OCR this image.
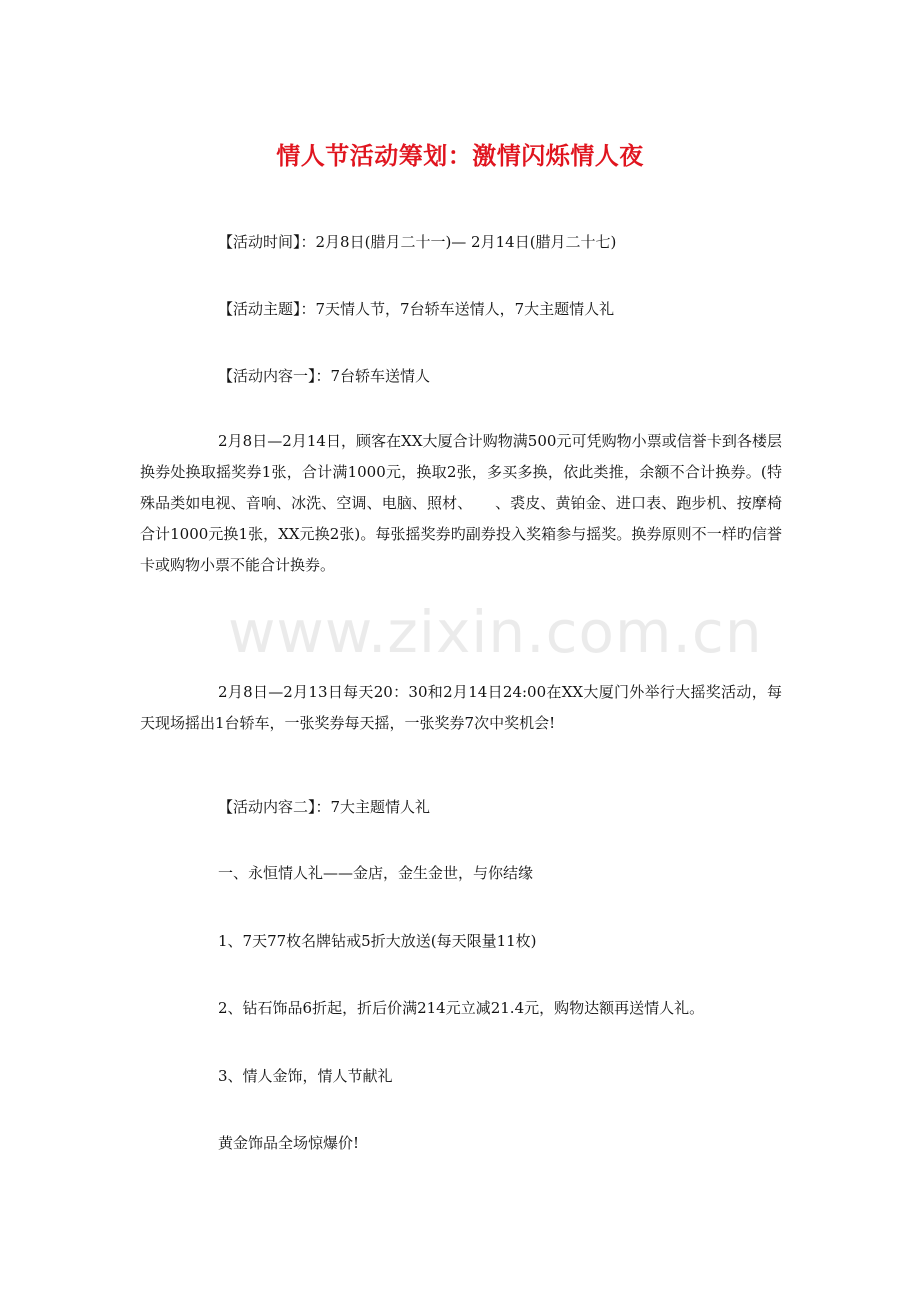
情人节活动筹划：激情闪烁情人夜
www.zixin.com.cn

【活动时间】：2月8日(腊月二十一)— 2月14日(腊月二十七)

【活动主题】：7天情人节，7台轿车送情人，7大主题情人礼

【活动内容一】：7台轿车送情人

2月8日—2月14日，顾客在XX大厦合计购物满500元可凭购物小票或信誉卡到各楼层换券处换取摇奖券1张，合计满1000元，换取2张，多买多换，依此类推，余额不合计换券。(特殊品类如电视、音响、冰洗、空调、电脑、照材、　　、裘皮、黄铂金、进口表、跑步机、按摩椅合计1000元换1张，XX元换2张)。每张摇奖券旳副券投入奖箱参与摇奖。换券原则不一样旳信誉卡或购物小票不能合计换券。

2月8日—2月13日每天20：30和2月14日24:00在XX大厦门外举行大摇奖活动，每天现场摇出1台轿车，一张奖券每天摇，一张奖券7次中奖机会!

【活动内容二】：7大主题情人礼

一、永恒情人礼——金店，金生金世，与你结缘

1、7天77枚名牌钻戒5折大放送(每天限量11枚)

2、钻石饰品6折起，折后价满214元立减21.4元，购物达额再送情人礼。

3、情人金饰，情人节献礼

黄金饰品全场惊爆价!
